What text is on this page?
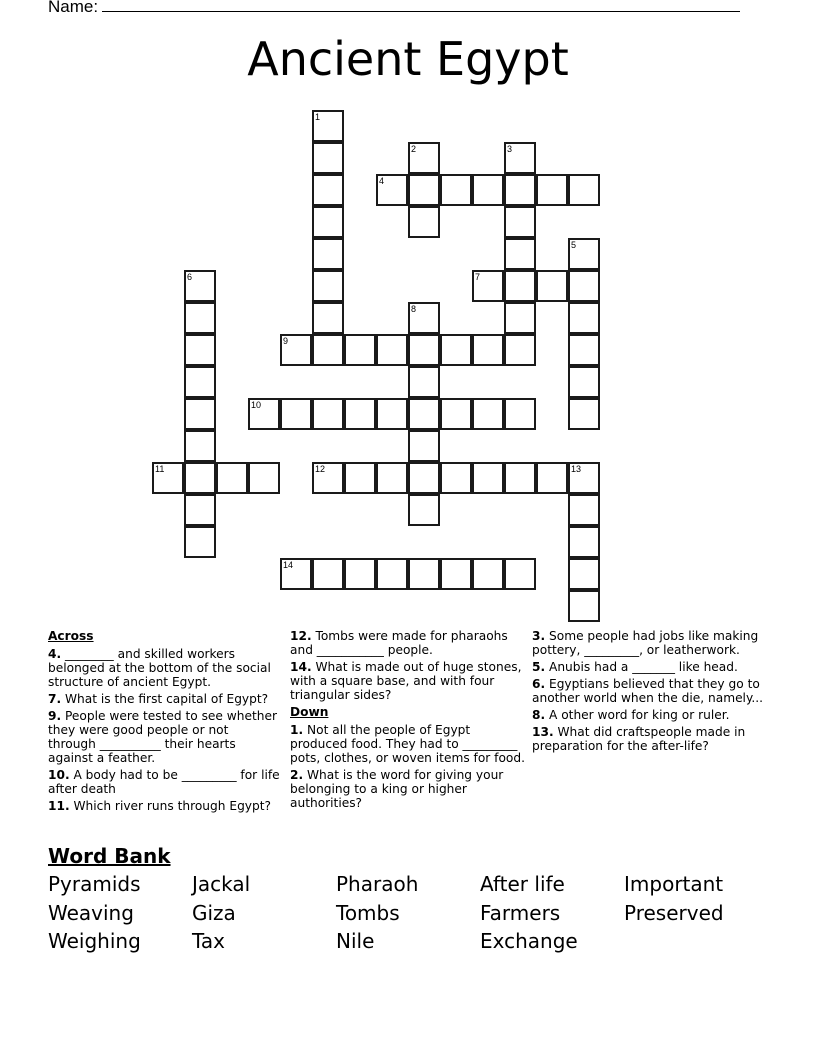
Name:
Ancient Egypt
1
2	3
4
5
6	7
8
9
10
11	12	13
14
Across
4. ________ and skilled workers belonged at the bottom of the social structure of ancient Egypt.
7. What is the first capital of Egypt?
9. People were tested to see whether they were good people or not through __________ their hearts against a feather.
10. A body had to be _________ for life after death
11. Which river runs through Egypt?
12. Tombs were made for pharaohs and ___________ people.
14. What is made out of huge stones, with a square base, and with four triangular sides?
Down
1. Not all the people of Egypt produced food. They had to _________ pots, clothes, or woven items for food.
2. What is the word for giving your belonging to a king or higher authorities?
3. Some people had jobs like making pottery, _________, or leatherwork.
5. Anubis had a _______ like head.
6. Egyptians believed that they go to another world when the die, namely...
8. A other word for king or ruler.
13. What did craftspeople made in preparation for the after-life?
Word Bank
Pyramids	Jackal	Pharaoh	After life	Important
Weaving	Giza	Tombs	Farmers	Preserved
Weighing	Tax	Nile	Exchange
